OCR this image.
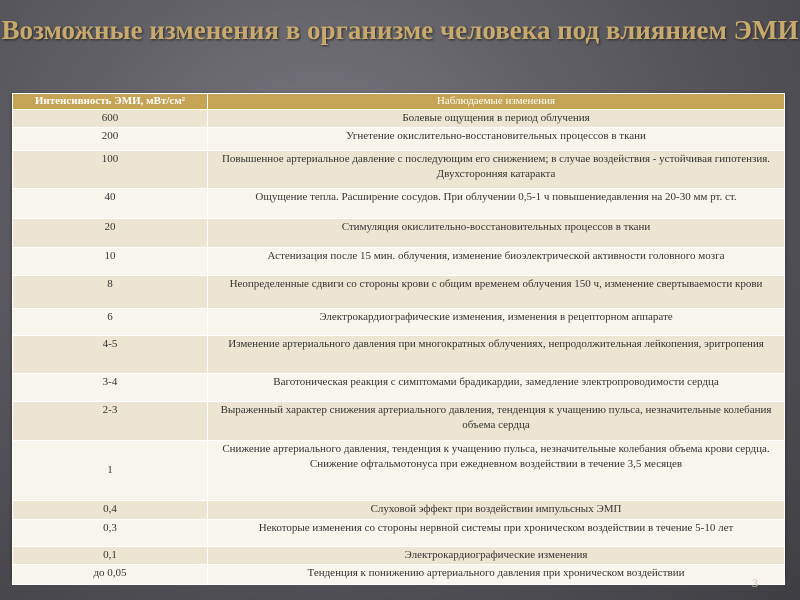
Возможные изменения в организме человека под влиянием ЭМИ
Интенсивность ЭМИ, мВт/см²	Наблюдаемые изменения
600	Болевые ощущения в период облучения
200	Угнетение окислительно-восстановительных процессов в ткани
100	Повышенное артериальное давление с последующим его снижением; в случае воздействия - устойчивая гипотензия. Двухсторонняя катаракта
40	Ощущение тепла. Расширение сосудов. При облучении 0,5-1 ч повышениедавления на 20-30 мм рт. ст.
20	Стимуляция окислительно-восстановительных процессов в ткани
10	Астенизация после 15 мин. облучения, изменение биоэлектрической активности головного мозга
8	Неопределенные сдвиги со стороны крови с общим временем облучения 150 ч, изменение свертываемости крови
6	Электрокардиографические изменения, изменения в рецепторном аппарате
4-5	Изменение артериального давления при многократных облучениях, непродолжительная лейкопения, эритропения
3-4	Ваготоническая реакция с симптомами брадикардии, замедление электропроводимости сердца
2-3	Выраженный характер снижения артериального давления, тенденция к учащению пульса, незначительные колебания объема сердца
1	Снижение артериального давления, тенденция к учащению пульса, незначительные колебания объема крови сердца. Снижение офтальмотонуса при ежедневном воздействии в течение 3,5 месяцев
0,4	Слуховой эффект при воздействии импульсных ЭМП
0,3	Некоторые изменения со стороны нервной системы при хроническом воздействии в течение 5-10 лет
0,1	Электрокардиографические изменения
до 0,05	Тенденция к понижению артериального давления при хроническом воздействии
3
